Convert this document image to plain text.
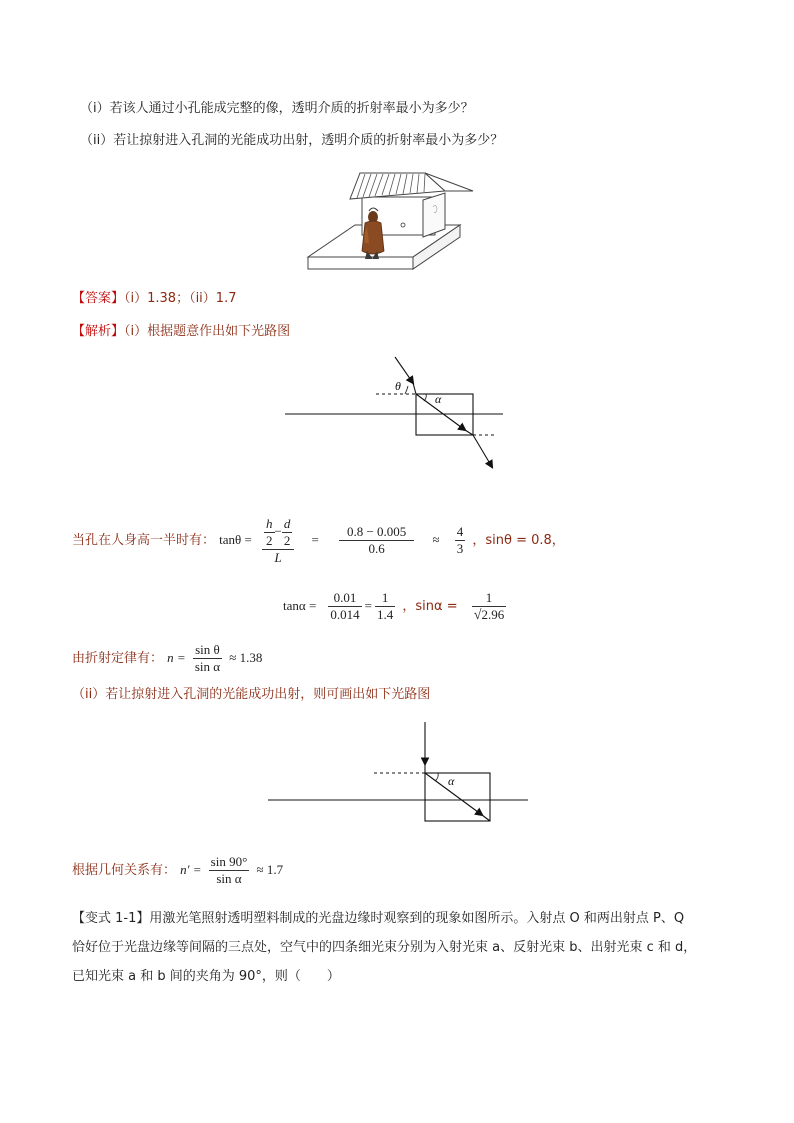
（i）若该人通过小孔能成完整的像，透明介质的折射率最小为多少？
（ii）若让掠射进入孔洞的光能成功出射，透明介质的折射率最小为多少？
【答案】（i）1.38；（ii）1.7
【解析】（i）根据题意作出如下光路图
θ
α
当孔在人身高一半时有： $\tan\theta = \frac{\frac{h}{2} - \frac{d}{2}}{L} = \frac{0.8 - 0.005}{0.6} \approx \frac{4}{3}$ ，sinθ = 0.8，
$\tan\alpha = \frac{0.01}{0.014} = \frac{1}{1.4}$ ，$\sin\alpha = \frac{1}{√2.96}$
由折射定律有： $n = \frac{\text{sin θ}}{\text{sin α}} \approx 1.38$
（ii）若让掠射进入孔洞的光能成功出射，则可画出如下光路图
α
根据几何关系有： $n' = \frac{\sin 90^\circ}{\text{sin α}} \approx 1.7$
【变式 1-1】用激光笔照射透明塑料制成的光盘边缘时观察到的现象如图所示。入射点 O 和两出射点 P、Q
恰好位于光盘边缘等间隔的三点处，空气中的四条细光束分别为入射光束 a、反射光束 b、出射光束 c 和 d，
已知光束 a 和 b 间的夹角为 90°，则（　　）
